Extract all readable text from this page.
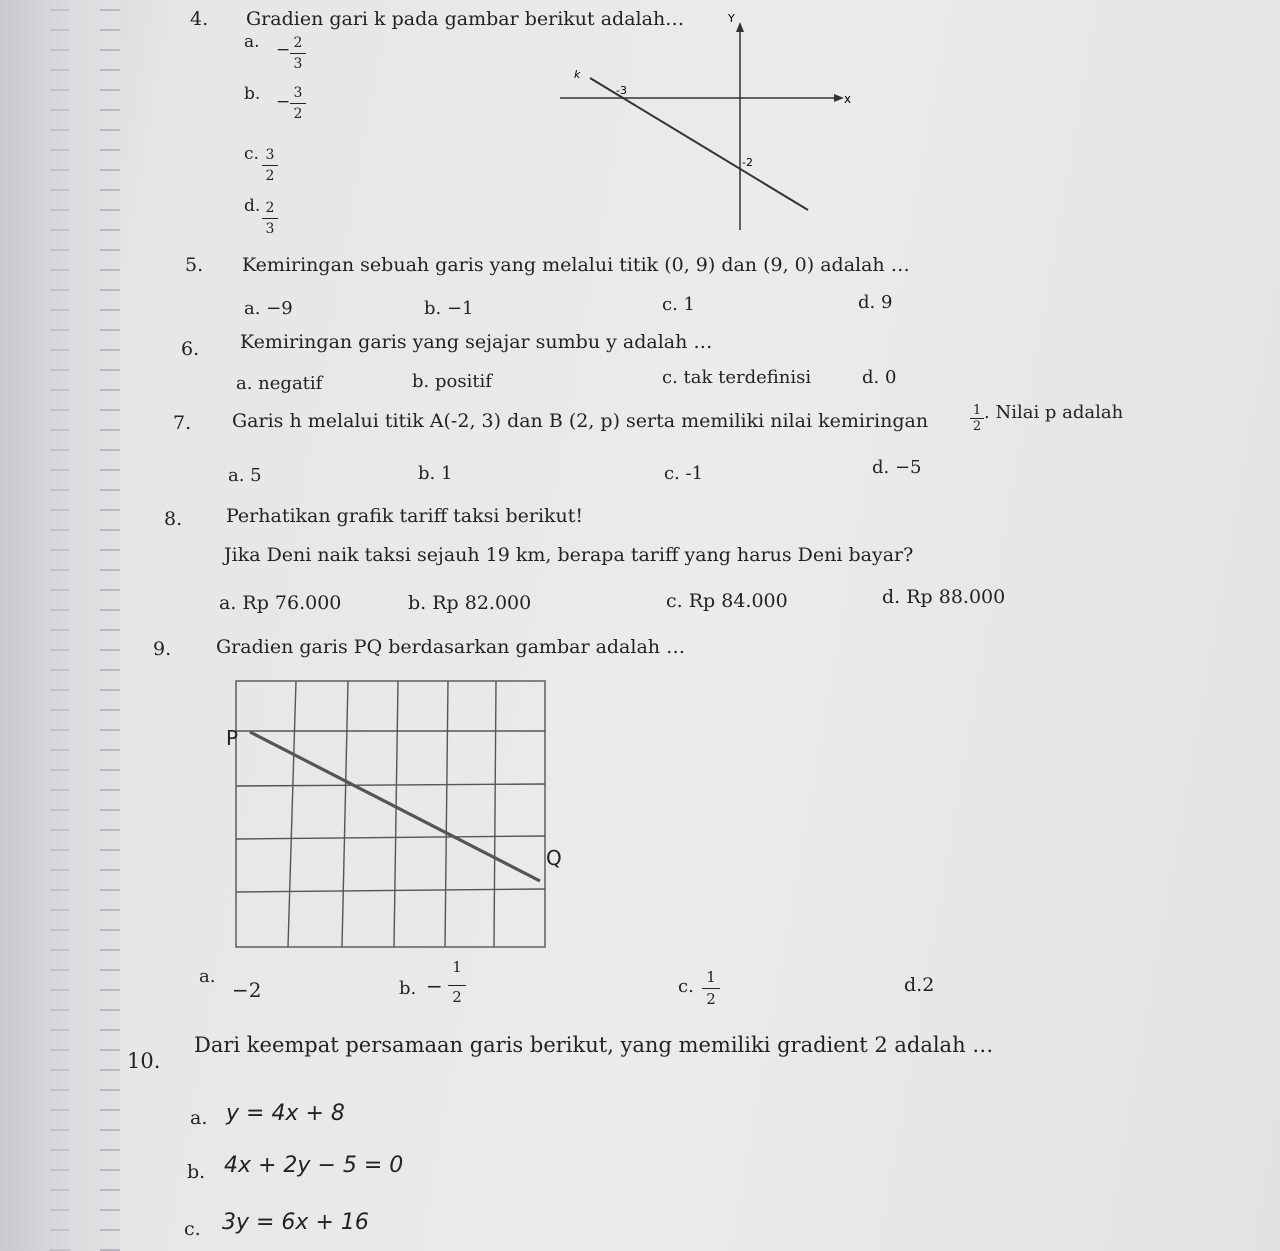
4. Gradien gari k pada gambar berikut adalah…
a. − 2
3
b. − 3
2
c. 3
2
d. 2
3
Y
x
k
-3
-2
5. Kemiringan sebuah garis yang melalui titik (0, 9) dan (9, 0) adalah …
a. −9	b. −1	c. 1	d. 9
6. Kemiringan garis yang sejajar sumbu y adalah …
a. negatif	b. positif	c. tak terdefinisi	d. 0
7. Garis h melalui titik A(-2, 3) dan B (2, p) serta memiliki nilai kemiringan	1
2
. Nilai p adalah
a. 5	b. 1	c. -1	d. −5
8. Perhatikan grafik tariff taksi berikut!
Jika Deni naik taksi sejauh 19 km, berapa tariff yang harus Deni bayar?
a. Rp 76.000	b. Rp 82.000	c. Rp 84.000	d. Rp 88.000
9. Gradien garis PQ berdasarkan gambar adalah …
P
Q
a.
−2	b. −
1
2	c. 1
2
d.2
10.
Dari keempat persamaan garis berikut, yang memiliki gradient 2 adalah …
a. y = 4x + 8
b. 4x + 2y − 5 = 0
c. 3y = 6x + 16
